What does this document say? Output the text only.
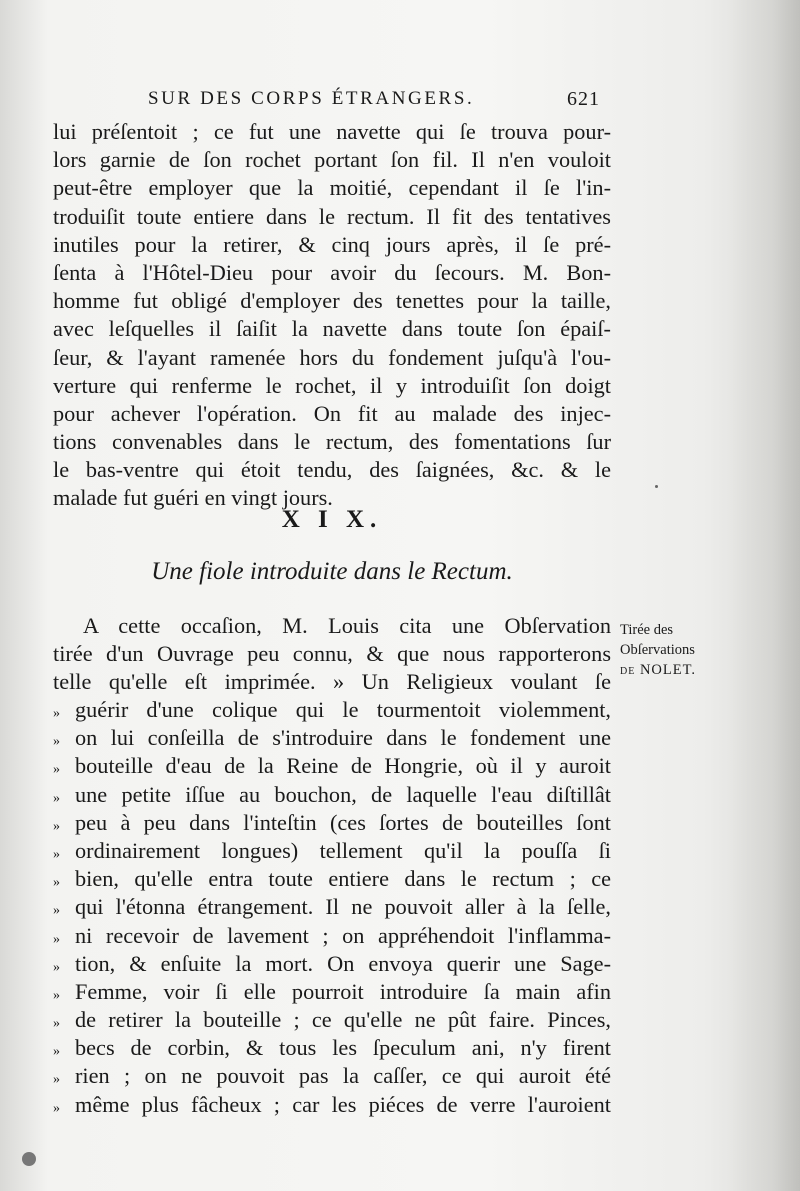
SUR DES CORPS ÉTRANGERS.	621
lui préſentoit ; ce fut une navette qui ſe trouva pour-
lors garnie de ſon rochet portant ſon fil. Il n'en vouloit
peut-être employer que la moitié, cependant il ſe l'in-
troduiſit toute entiere dans le rectum. Il fit des tentatives
inutiles pour la retirer, & cinq jours après, il ſe pré-
ſenta à l'Hôtel-Dieu pour avoir du ſecours. M. Bon-
homme fut obligé d'employer des tenettes pour la taille,
avec leſquelles il ſaiſit la navette dans toute ſon épaiſ-
ſeur, & l'ayant ramenée hors du fondement juſqu'à l'ou-
verture qui renferme le rochet, il y introduiſit ſon doigt
pour achever l'opération. On fit au malade des injec-
tions convenables dans le rectum, des fomentations ſur
le bas-ventre qui étoit tendu, des ſaignées, &c. & le
malade fut guéri en vingt jours.
X I X.
Une fiole introduite dans le Rectum.
A cette occaſion, M. Louis cita une Obſervation
tirée d'un Ouvrage peu connu, & que nous rapporterons
telle qu'elle eſt imprimée. » Un Religieux voulant ſe
Tirée des
Obſervations
de NOLET.
» guérir d'une colique qui le tourmentoit violemment,
» on lui conſeilla de s'introduire dans le fondement une
» bouteille d'eau de la Reine de Hongrie, où il y auroit
» une petite iſſue au bouchon, de laquelle l'eau diſtillât
» peu à peu dans l'inteſtin (ces ſortes de bouteilles ſont
» ordinairement longues) tellement qu'il la pouſſa ſi
» bien, qu'elle entra toute entiere dans le rectum ; ce
» qui l'étonna étrangement. Il ne pouvoit aller à la ſelle,
» ni recevoir de lavement ; on appréhendoit l'inflamma-
» tion, & enſuite la mort. On envoya querir une Sage-
» Femme, voir ſi elle pourroit introduire ſa main afin
» de retirer la bouteille ; ce qu'elle ne pût faire. Pinces,
» becs de corbin, & tous les ſpeculum ani, n'y firent
» rien ; on ne pouvoit pas la caſſer, ce qui auroit été
» même plus fâcheux ; car les piéces de verre l'auroient
